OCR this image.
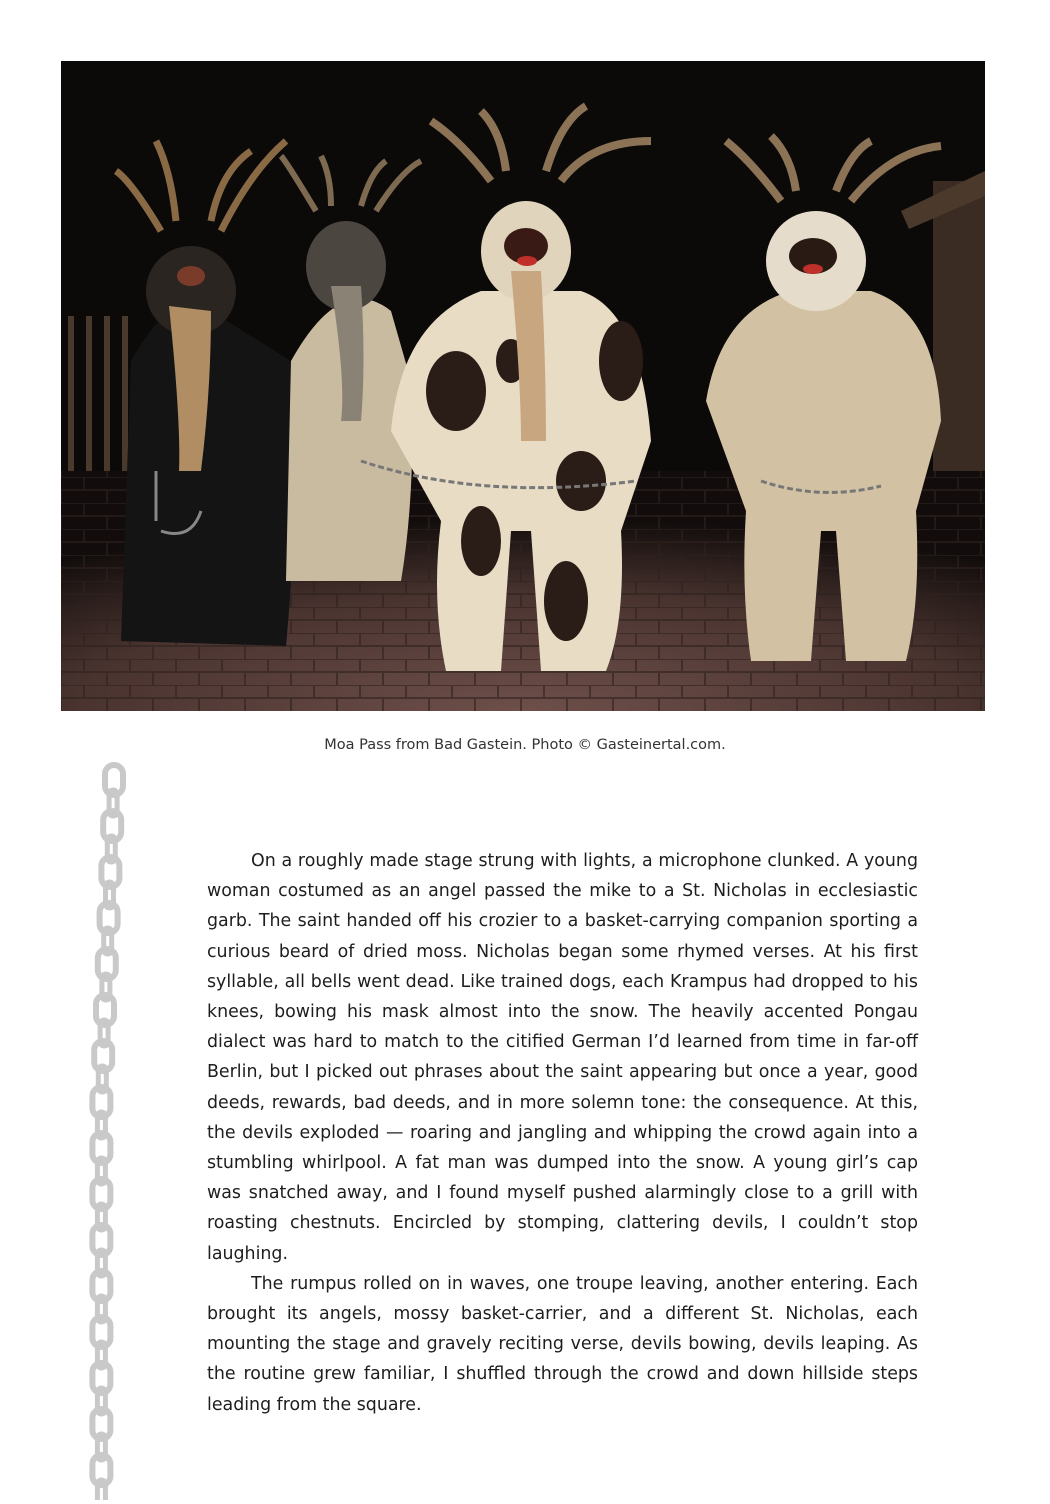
Moa Pass from Bad Gastein. Photo © Gasteinertal.com.

On a roughly made stage strung with lights, a microphone clunked. A young woman costumed as an angel passed the mike to a St. Nicholas in ecclesiastic garb. The saint handed off his crozier to a basket-carrying companion sporting a curious beard of dried moss. Nicholas began some rhymed verses. At his first syllable, all bells went dead. Like trained dogs, each Krampus had dropped to his knees, bowing his mask almost into the snow. The heavily accented Pongau dialect was hard to match to the citified German I’d learned from time in far-off Berlin, but I picked out phrases about the saint appearing but once a year, good deeds, rewards, bad deeds, and in more solemn tone: the consequence. At this, the devils exploded — roaring and jangling and whipping the crowd again into a stumbling whirlpool. A fat man was dumped into the snow. A young girl’s cap was snatched away, and I found myself pushed alarmingly close to a grill with roasting chestnuts. Encircled by stomping, clattering devils, I couldn’t stop laughing.

The rumpus rolled on in waves, one troupe leaving, another entering. Each brought its angels, mossy basket-carrier, and a different St. Nicholas, each mounting the stage and gravely reciting verse, devils bowing, devils leaping. As the routine grew familiar, I shuffled through the crowd and down hillside steps leading from the square.
